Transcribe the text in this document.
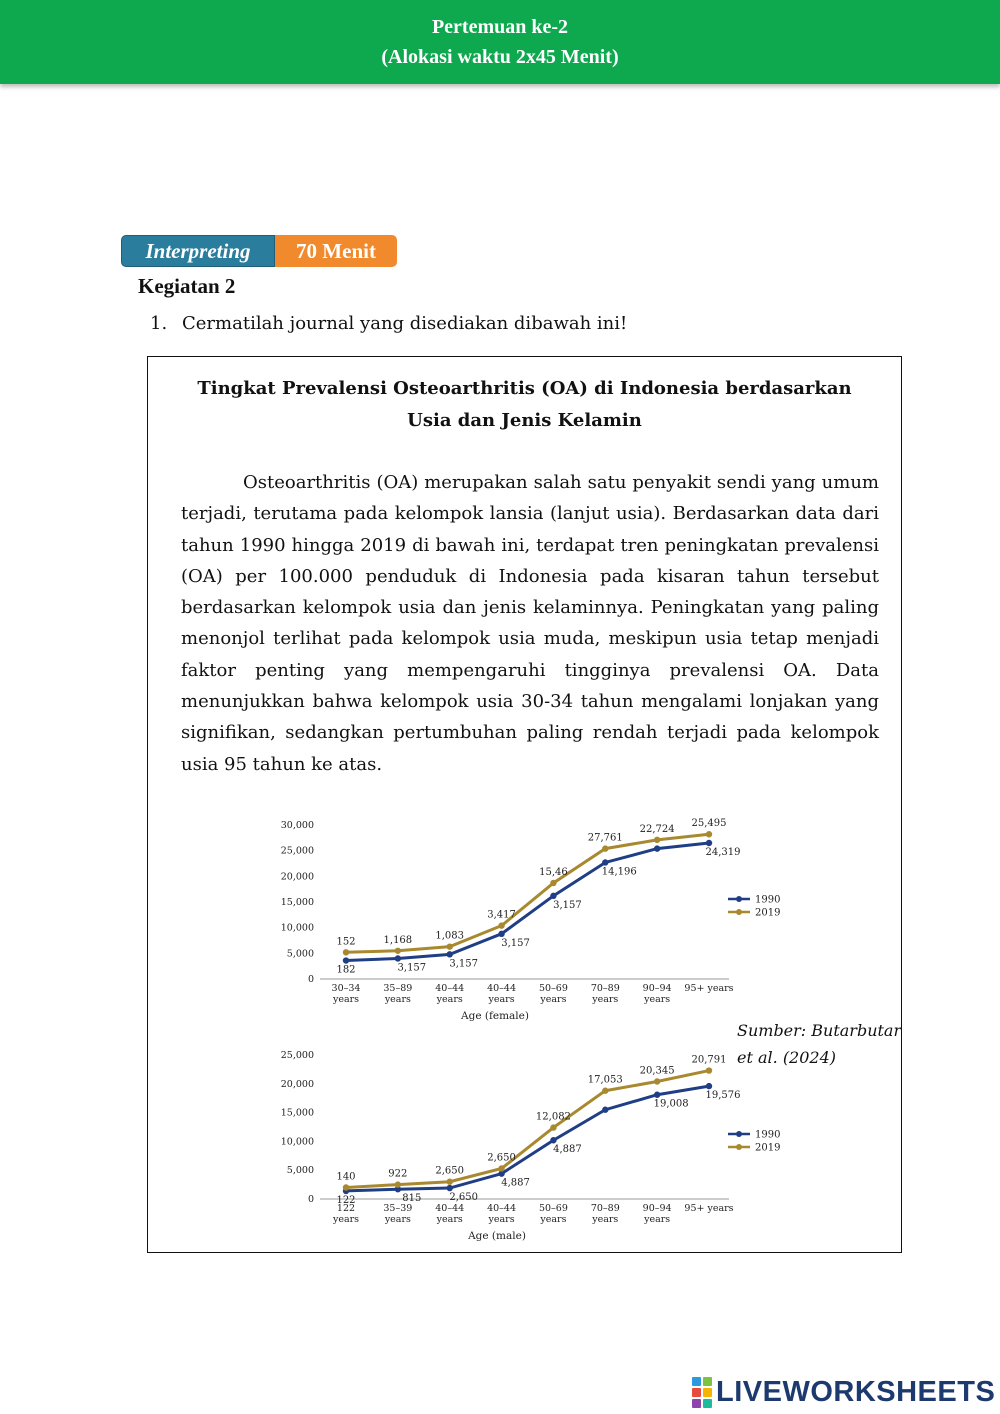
Pertemuan ke-2
(Alokasi waktu 2x45 Menit)
Interpreting	70 Menit
Kegiatan 2
1. Cermatilah journal yang disediakan dibawah ini!
Tingkat Prevalensi Osteoarthritis (OA) di Indonesia berdasarkan
Usia dan Jenis Kelamin
Osteoarthritis (OA) merupakan salah satu penyakit sendi yang umum terjadi, terutama pada kelompok lansia (lanjut usia). Berdasarkan data dari tahun 1990 hingga 2019 di bawah ini, terdapat tren peningkatan prevalensi (OA) per 100.000 penduduk di Indonesia pada kisaran tahun tersebut berdasarkan kelompok usia dan jenis kelaminnya. Peningkatan yang paling menonjol terlihat pada kelompok usia muda, meskipun usia tetap menjadi faktor penting yang mempengaruhi tingginya prevalensi OA. Data menunjukkan bahwa kelompok usia 30-34 tahun mengalami lonjakan yang signifikan, sedangkan pertumbuhan paling rendah terjadi pada kelompok usia 95 tahun ke atas.
0
5,000
10,000
15,000
20,000
25,000
30,000
30–34
years
35–89
years
40–44
years
40–44
years
50–69
years
70–89
years
90–94
years
95+ years
Age (female)
182	3,157 3,157
3,157
3,157
14,196
24,319
1990
152	1,168 1,083
3,417
15,46
27,761
22,724
25,495
2019
0
5,000
10,000
15,000
20,000
25,000
122
years
35–39
years
40–44
years
40–44
years
50–69
years
70–89
years
90–94
years
95+ years
Age (male)
122	815	2,650
4,887
4,887
19,008
19,576
1990
140	922	2,650
2,650
12,082
17,053
20,345
20,791
2019
Sumber: Butarbutar
et al. (2024)
LIVEWORKSHEETS
